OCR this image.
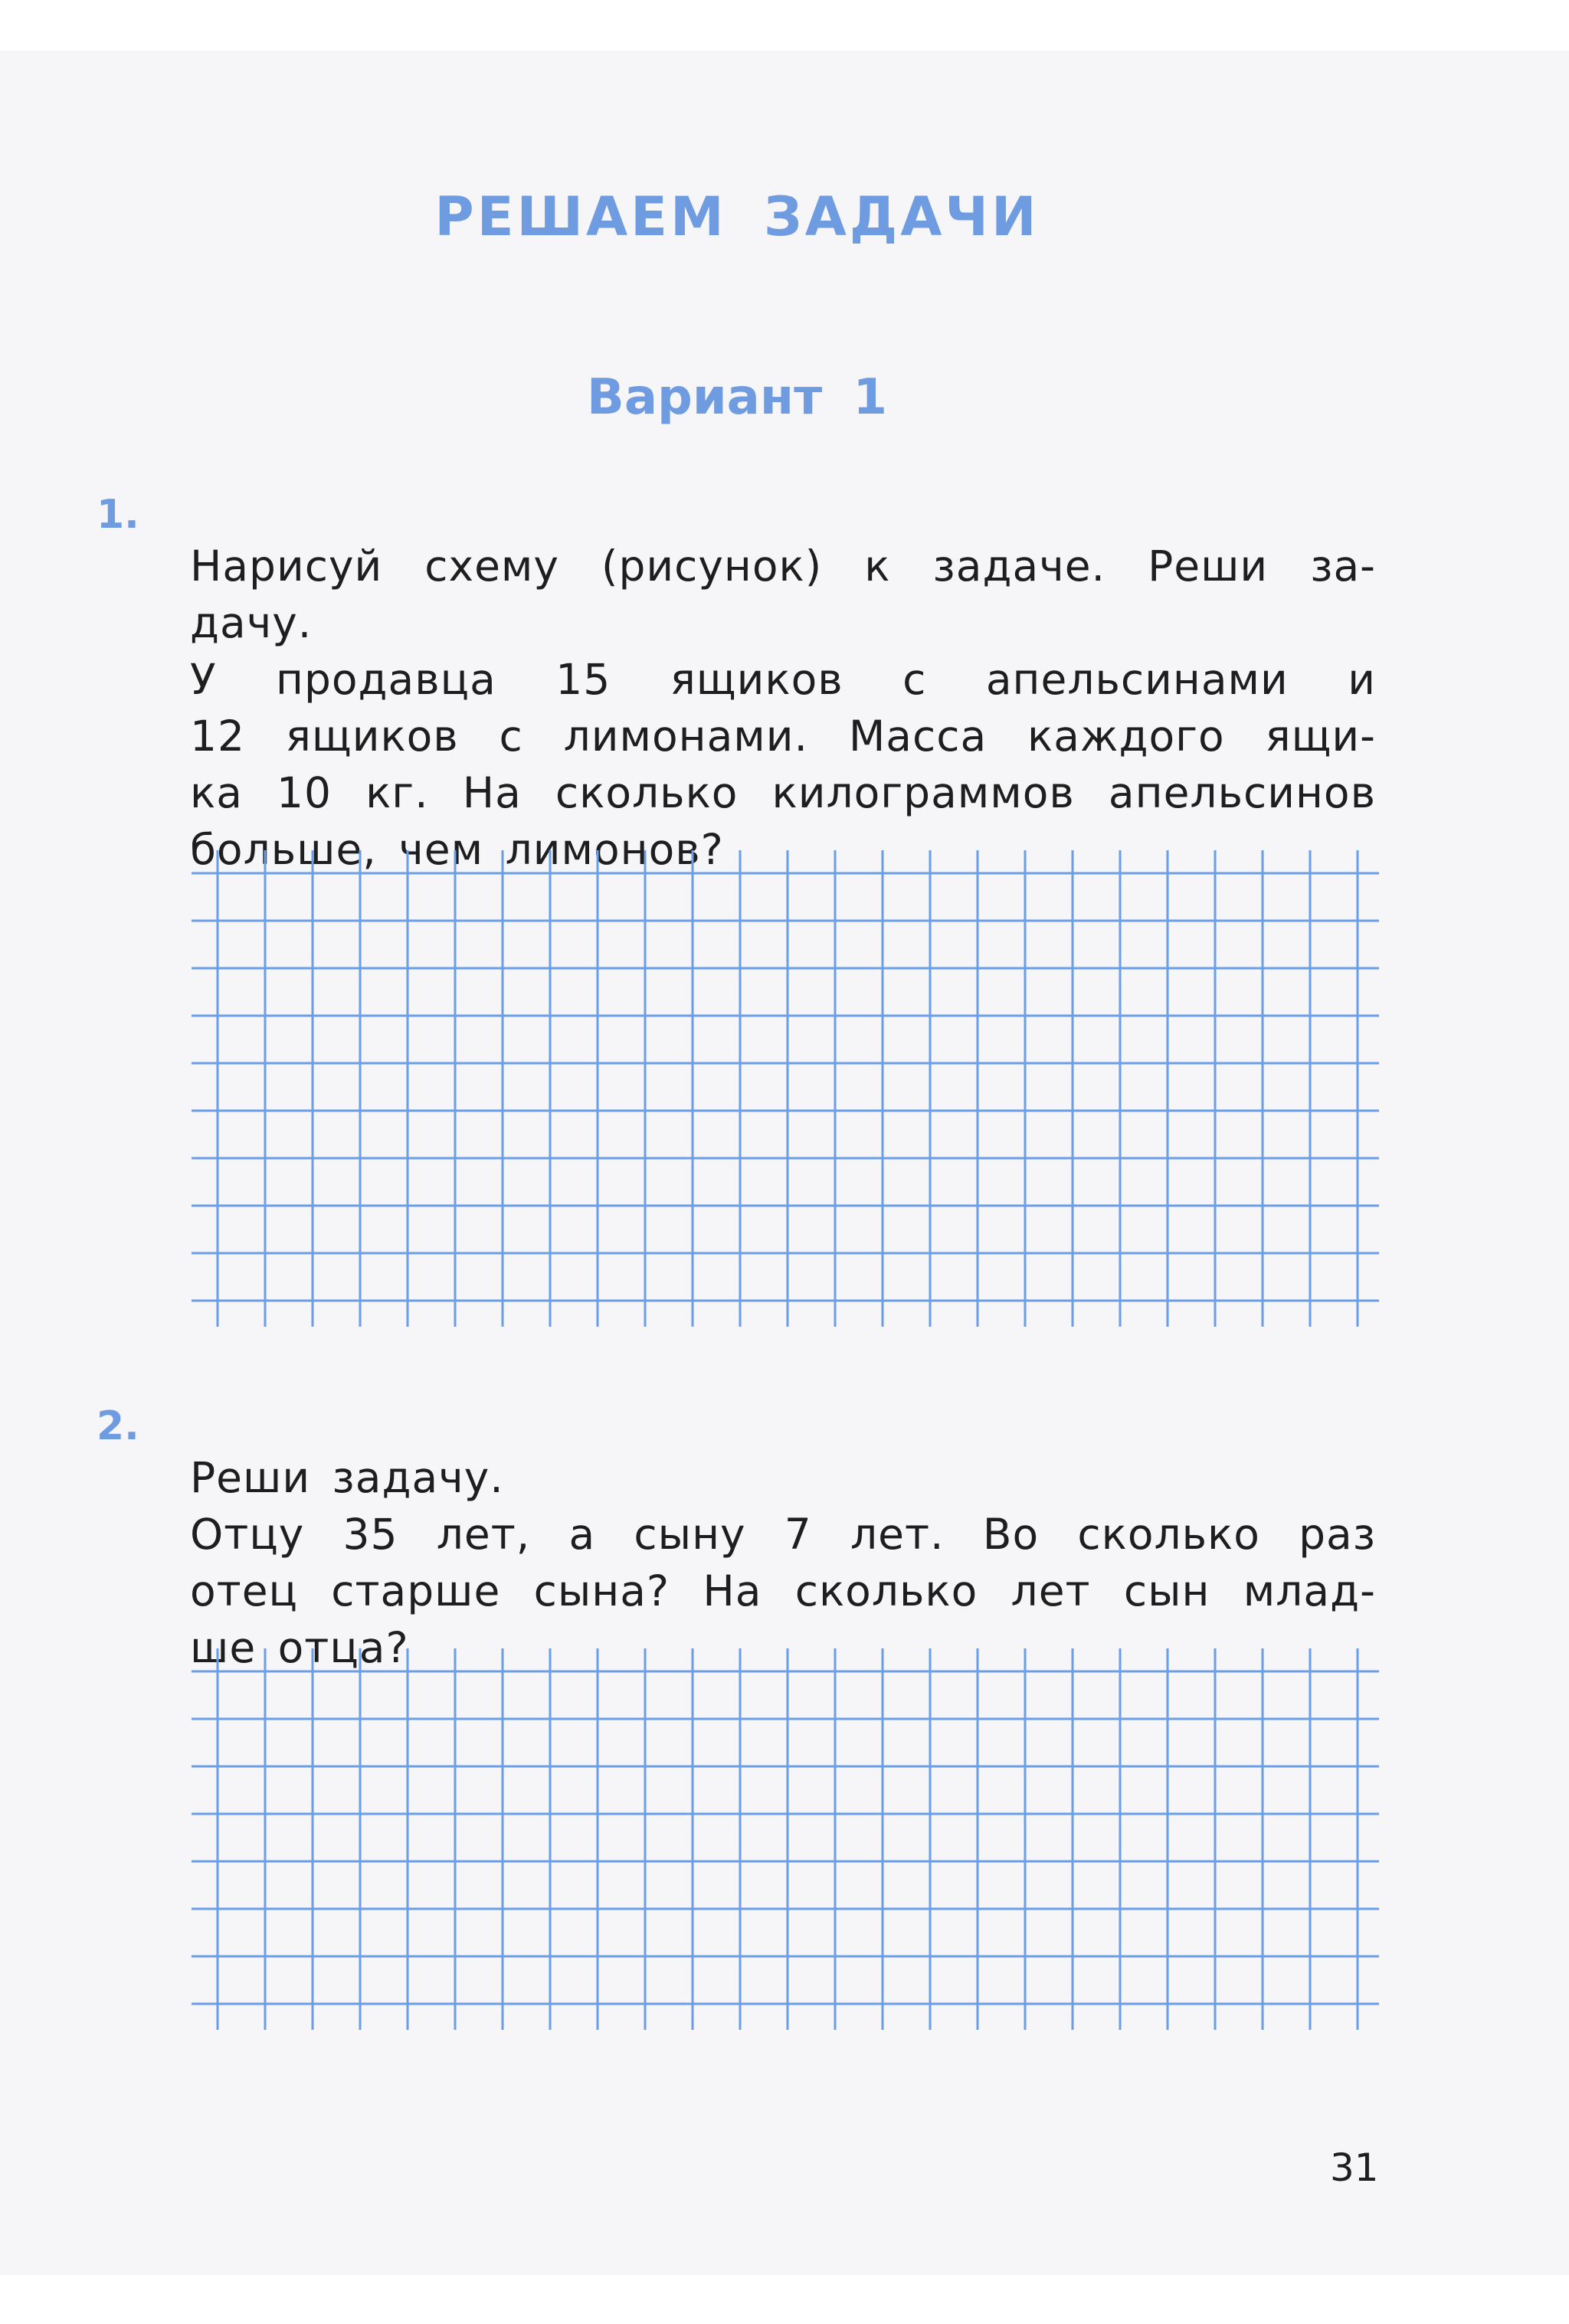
РЕШАЕМ ЗАДАЧИ
Вариант 1
1.
Нарисуй схему (рисунок) к задаче. Реши за-
дачу.
У продавца 15 ящиков с апельсинами и
12 ящиков с лимонами. Масса каждого ящи-
ка 10 кг. На сколько килограммов апельсинов
больше, чем лимонов?
2.
Реши задачу.
Отцу 35 лет, а сыну 7 лет. Во сколько раз
отец старше сына? На сколько лет сын млад-
ше отца?
31
